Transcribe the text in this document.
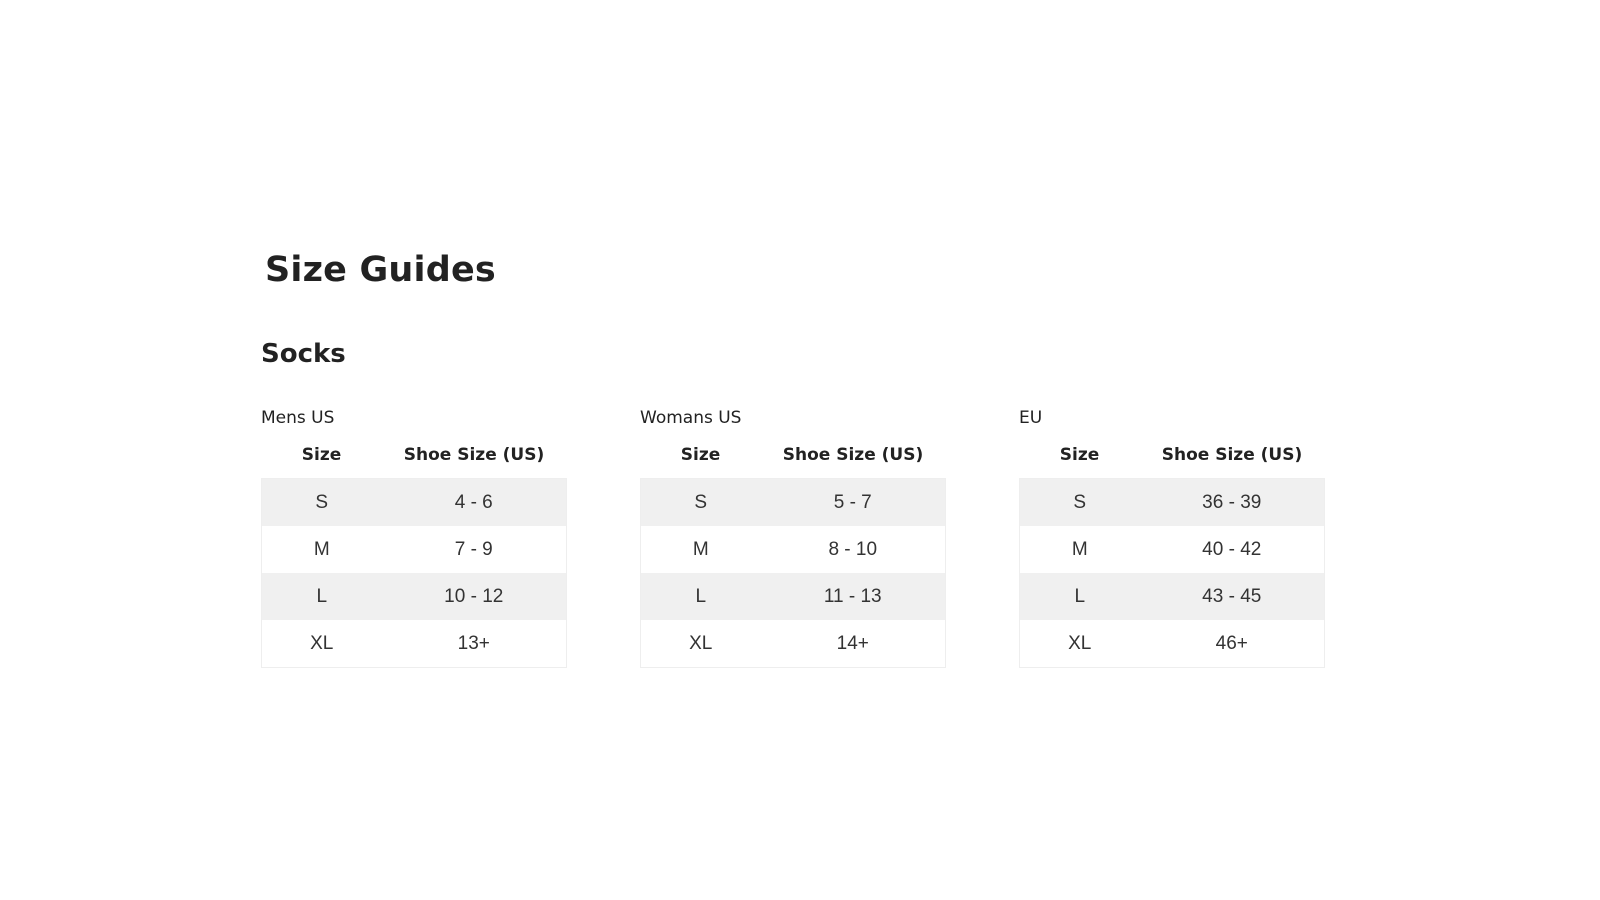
Size Guides
Socks
Mens US
Size	Shoe Size (US)
S	4 - 6
M	7 - 9
L	10 - 12
XL	13+
Womans US
Size	Shoe Size (US)
S	5 - 7
M	8 - 10
L	11 - 13
XL	14+
EU
Size	Shoe Size (US)
S	36 - 39
M	40 - 42
L	43 - 45
XL	46+
